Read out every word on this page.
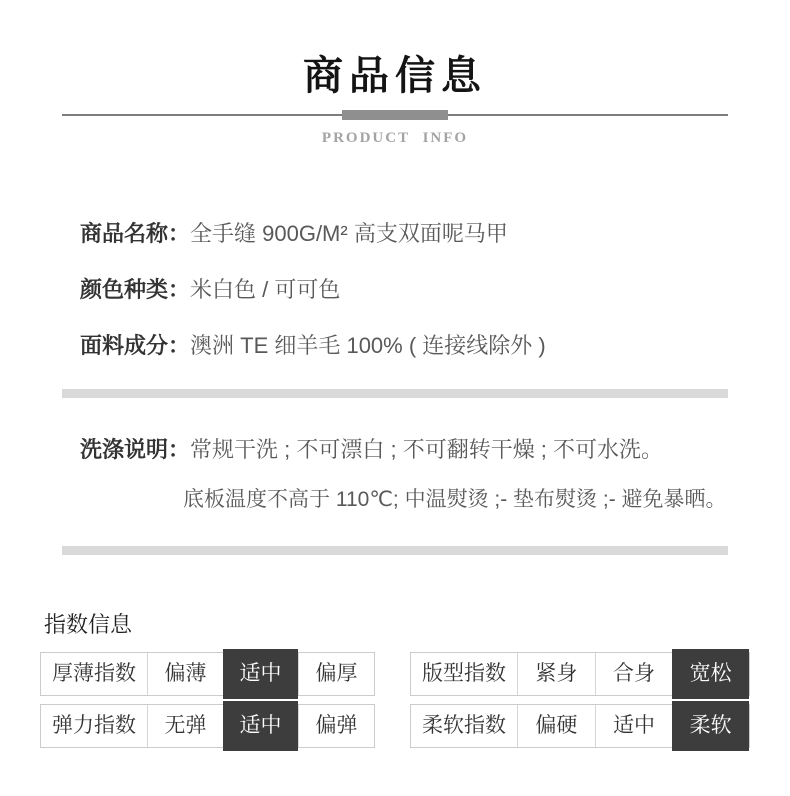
商品信息
PRODUCT INFO
商品名称：全手缝 900G/M² 高支双面呢马甲
颜色种类：米白色 / 可可色
面料成分：澳洲 TE 细羊毛 100% ( 连接线除外 )
洗涤说明：常规干洗 ; 不可漂白 ; 不可翻转干燥 ; 不可水洗。
底板温度不高于 110℃; 中温熨烫 ;- 垫布熨烫 ;- 避免暴晒。
指数信息
厚薄指数	偏薄	适中	偏厚	版型指数	紧身	合身	宽松
弹力指数	无弹	适中	偏弹	柔软指数	偏硬	适中	柔软
